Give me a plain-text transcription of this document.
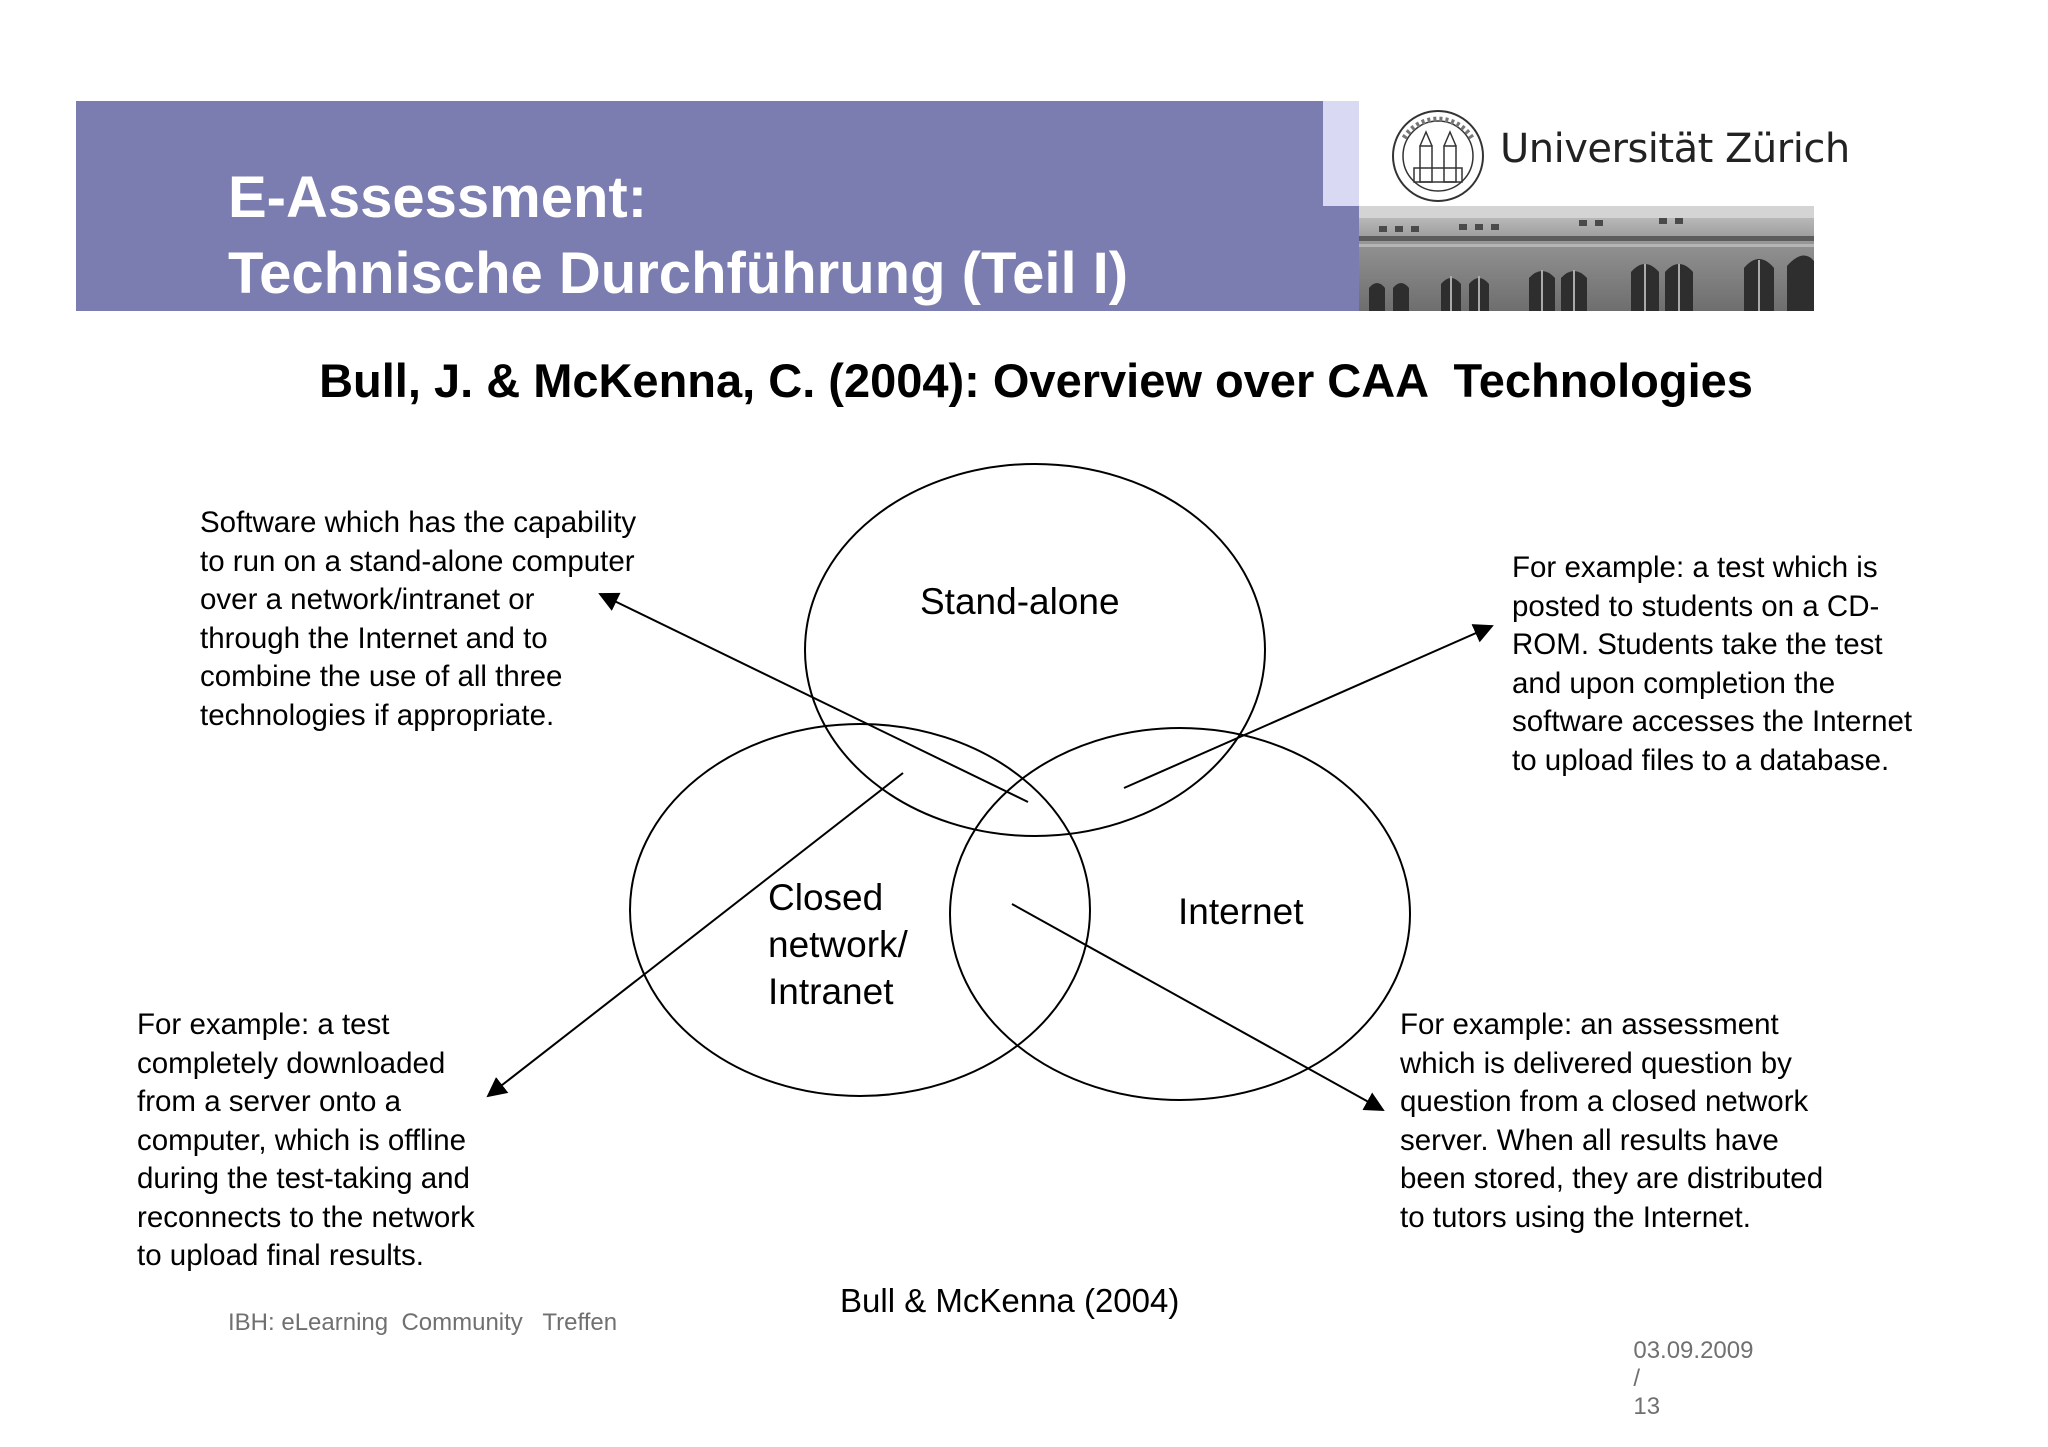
E-Assessment:
Technische Durchführung (Teil I)
Universität Zürich
Bull, J. & McKenna, C. (2004): Overview over CAA  Technologies
Stand-alone
Closed
network/
Intranet
Internet
Software which has the capability
to run on a stand-alone computer
over a network/intranet or
through the Internet and to
combine the use of all three
technologies if appropriate.
For example: a test which is
posted to students on a CD-
ROM. Students take the test
and upon completion the
software accesses the Internet
to upload files to a database.
For example: a test
completely downloaded
from a server onto a
computer, which is offline
during the test-taking and
reconnects to the network
to upload final results.
For example: an assessment
which is delivered question by
question from a closed network
server. When all results have
been stored, they are distributed
to tutors using the Internet.
Bull & McKenna (2004)
IBH: eLearning  Community   Treffen

03.09.2009
/
13
